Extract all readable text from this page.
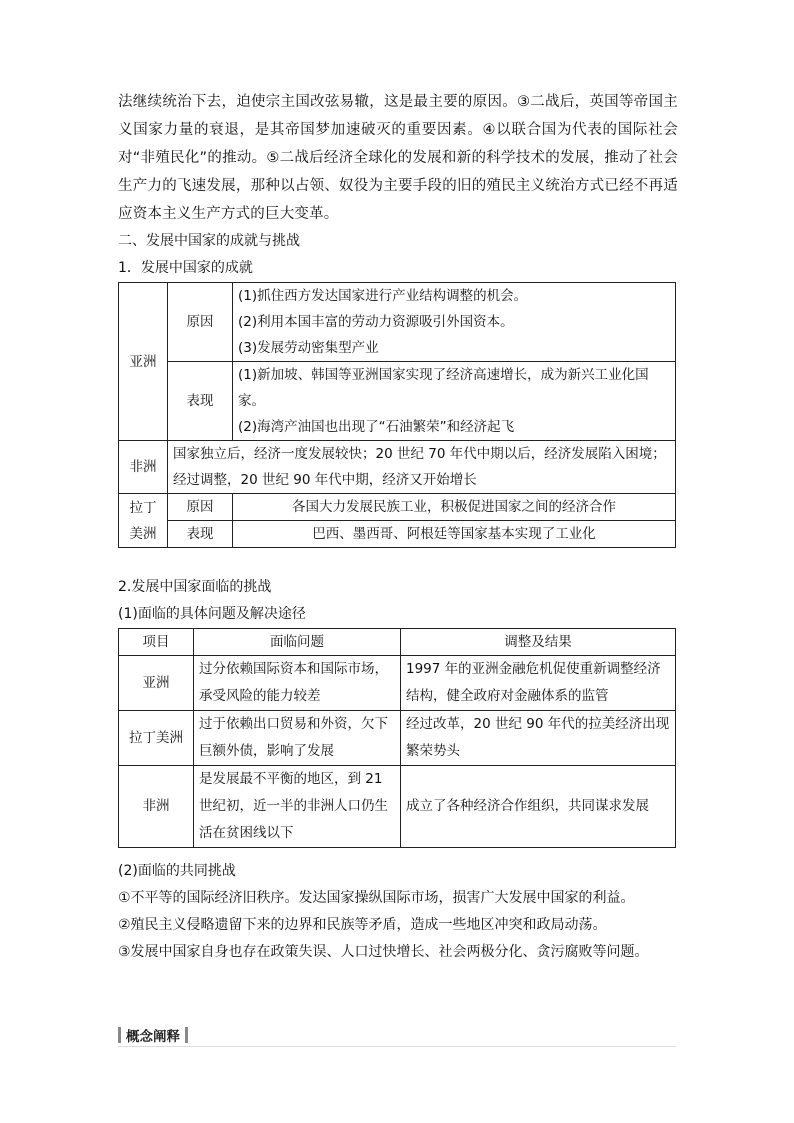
法继续统治下去，迫使宗主国改弦易辙，这是最主要的原因。③二战后，英国等帝国主义国家力量的衰退，是其帝国梦加速破灭的重要因素。④以联合国为代表的国际社会对“非殖民化”的推动。⑤二战后经济全球化的发展和新的科学技术的发展，推动了社会生产力的飞速发展，那种以占领、奴役为主要手段的旧的殖民主义统治方式已经不再适应资本主义生产方式的巨大变革。

二、发展中国家的成就与挑战

1．发展中国家的成就

亚洲	原因	(1)抓住西方发达国家进行产业结构调整的机会。
(2)利用本国丰富的劳动力资源吸引外国资本。
(3)发展劳动密集型产业

	表现	(1)新加坡、韩国等亚洲国家实现了经济高速增长，成为新兴工业化国家。
(2)海湾产油国也出现了“石油繁荣”和经济起飞

非洲	国家独立后，经济一度发展较快；20 世纪 70 年代中期以后，经济发展陷入困境；经过调整，20 世纪 90 年代中期，经济又开始增长	

拉丁
美洲	原因	各国大力发展民族工业，积极促进国家之间的经济合作
	表现	巴西、墨西哥、阿根廷等国家基本实现了工业化

2.发展中国家面临的挑战

(1)面临的具体问题及解决途径

项目	面临问题	调整及结果
亚洲	过分依赖国际资本和国际市场，承受风险的能力较差	1997 年的亚洲金融危机促使重新调整经济结构，健全政府对金融体系的监管
拉丁美洲	过于依赖出口贸易和外资，欠下巨额外债，影响了发展	经过改革，20 世纪 90 年代的拉美经济出现繁荣势头
非洲	是发展最不平衡的地区，到 21 世纪初，近一半的非洲人口仍生活在贫困线以下	成立了各种经济合作组织，共同谋求发展

(2)面临的共同挑战

①不平等的国际经济旧秩序。发达国家操纵国际市场，损害广大发展中国家的利益。

②殖民主义侵略遗留下来的边界和民族等矛盾，造成一些地区冲突和政局动荡。

③发展中国家自身也存在政策失误、人口过快增长、社会两极分化、贪污腐败等问题。

概念阐释
